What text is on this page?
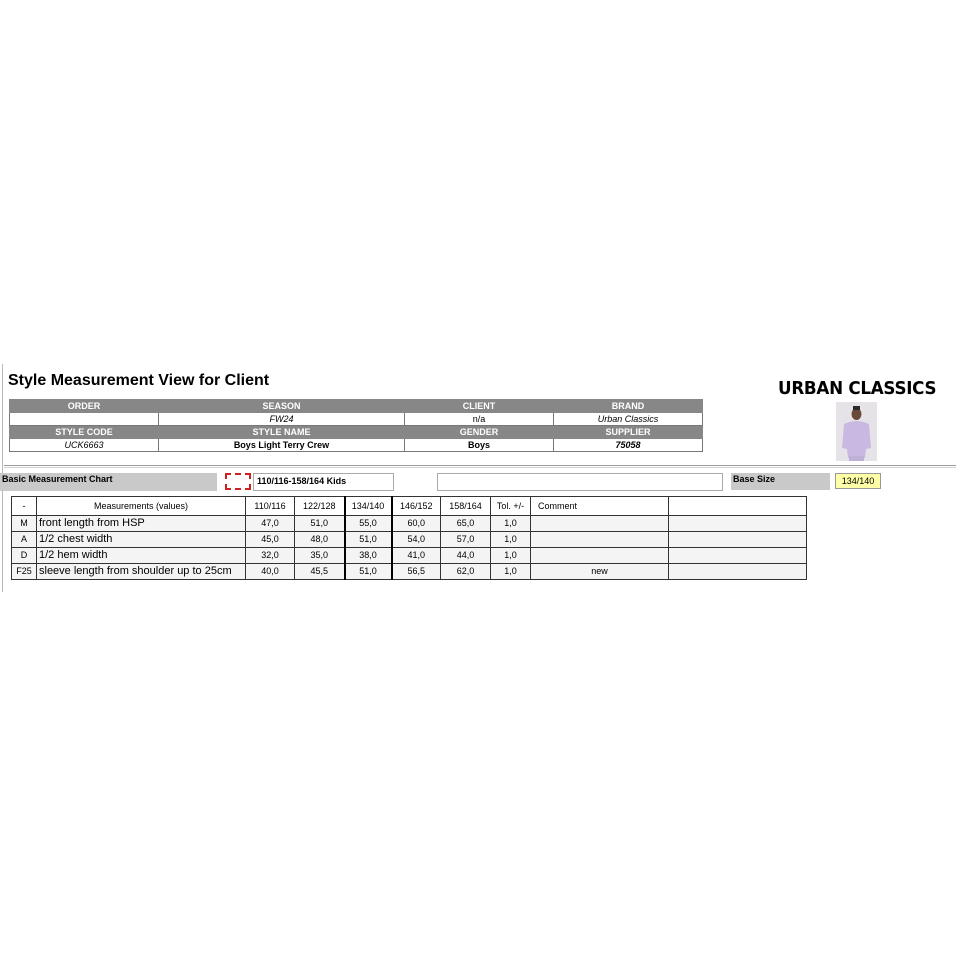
Style Measurement View for Client	URBAN CLASSICS
ORDER	SEASON	CLIENT	BRAND
	FW24	n/a	Urban Classics
STYLE CODE	STYLE NAME	GENDER	SUPPLIER
UCK6663	Boys Light Terry Crew	Boys	75058
Basic Measurement Chart	110/116-158/164 Kids	Base Size	134/140
-	Measurements (values)	110/116	122/128	134/140	146/152	158/164	Tol. +/-	Comment	
M	front length from HSP	47,0	51,0	55,0	60,0	65,0	1,0		
A	1/2 chest width	45,0	48,0	51,0	54,0	57,0	1,0		
D	1/2 hem width	32,0	35,0	38,0	41,0	44,0	1,0		
F25	sleeve length from shoulder up to 25cm	40,0	45,5	51,0	56,5	62,0	1,0	new	
